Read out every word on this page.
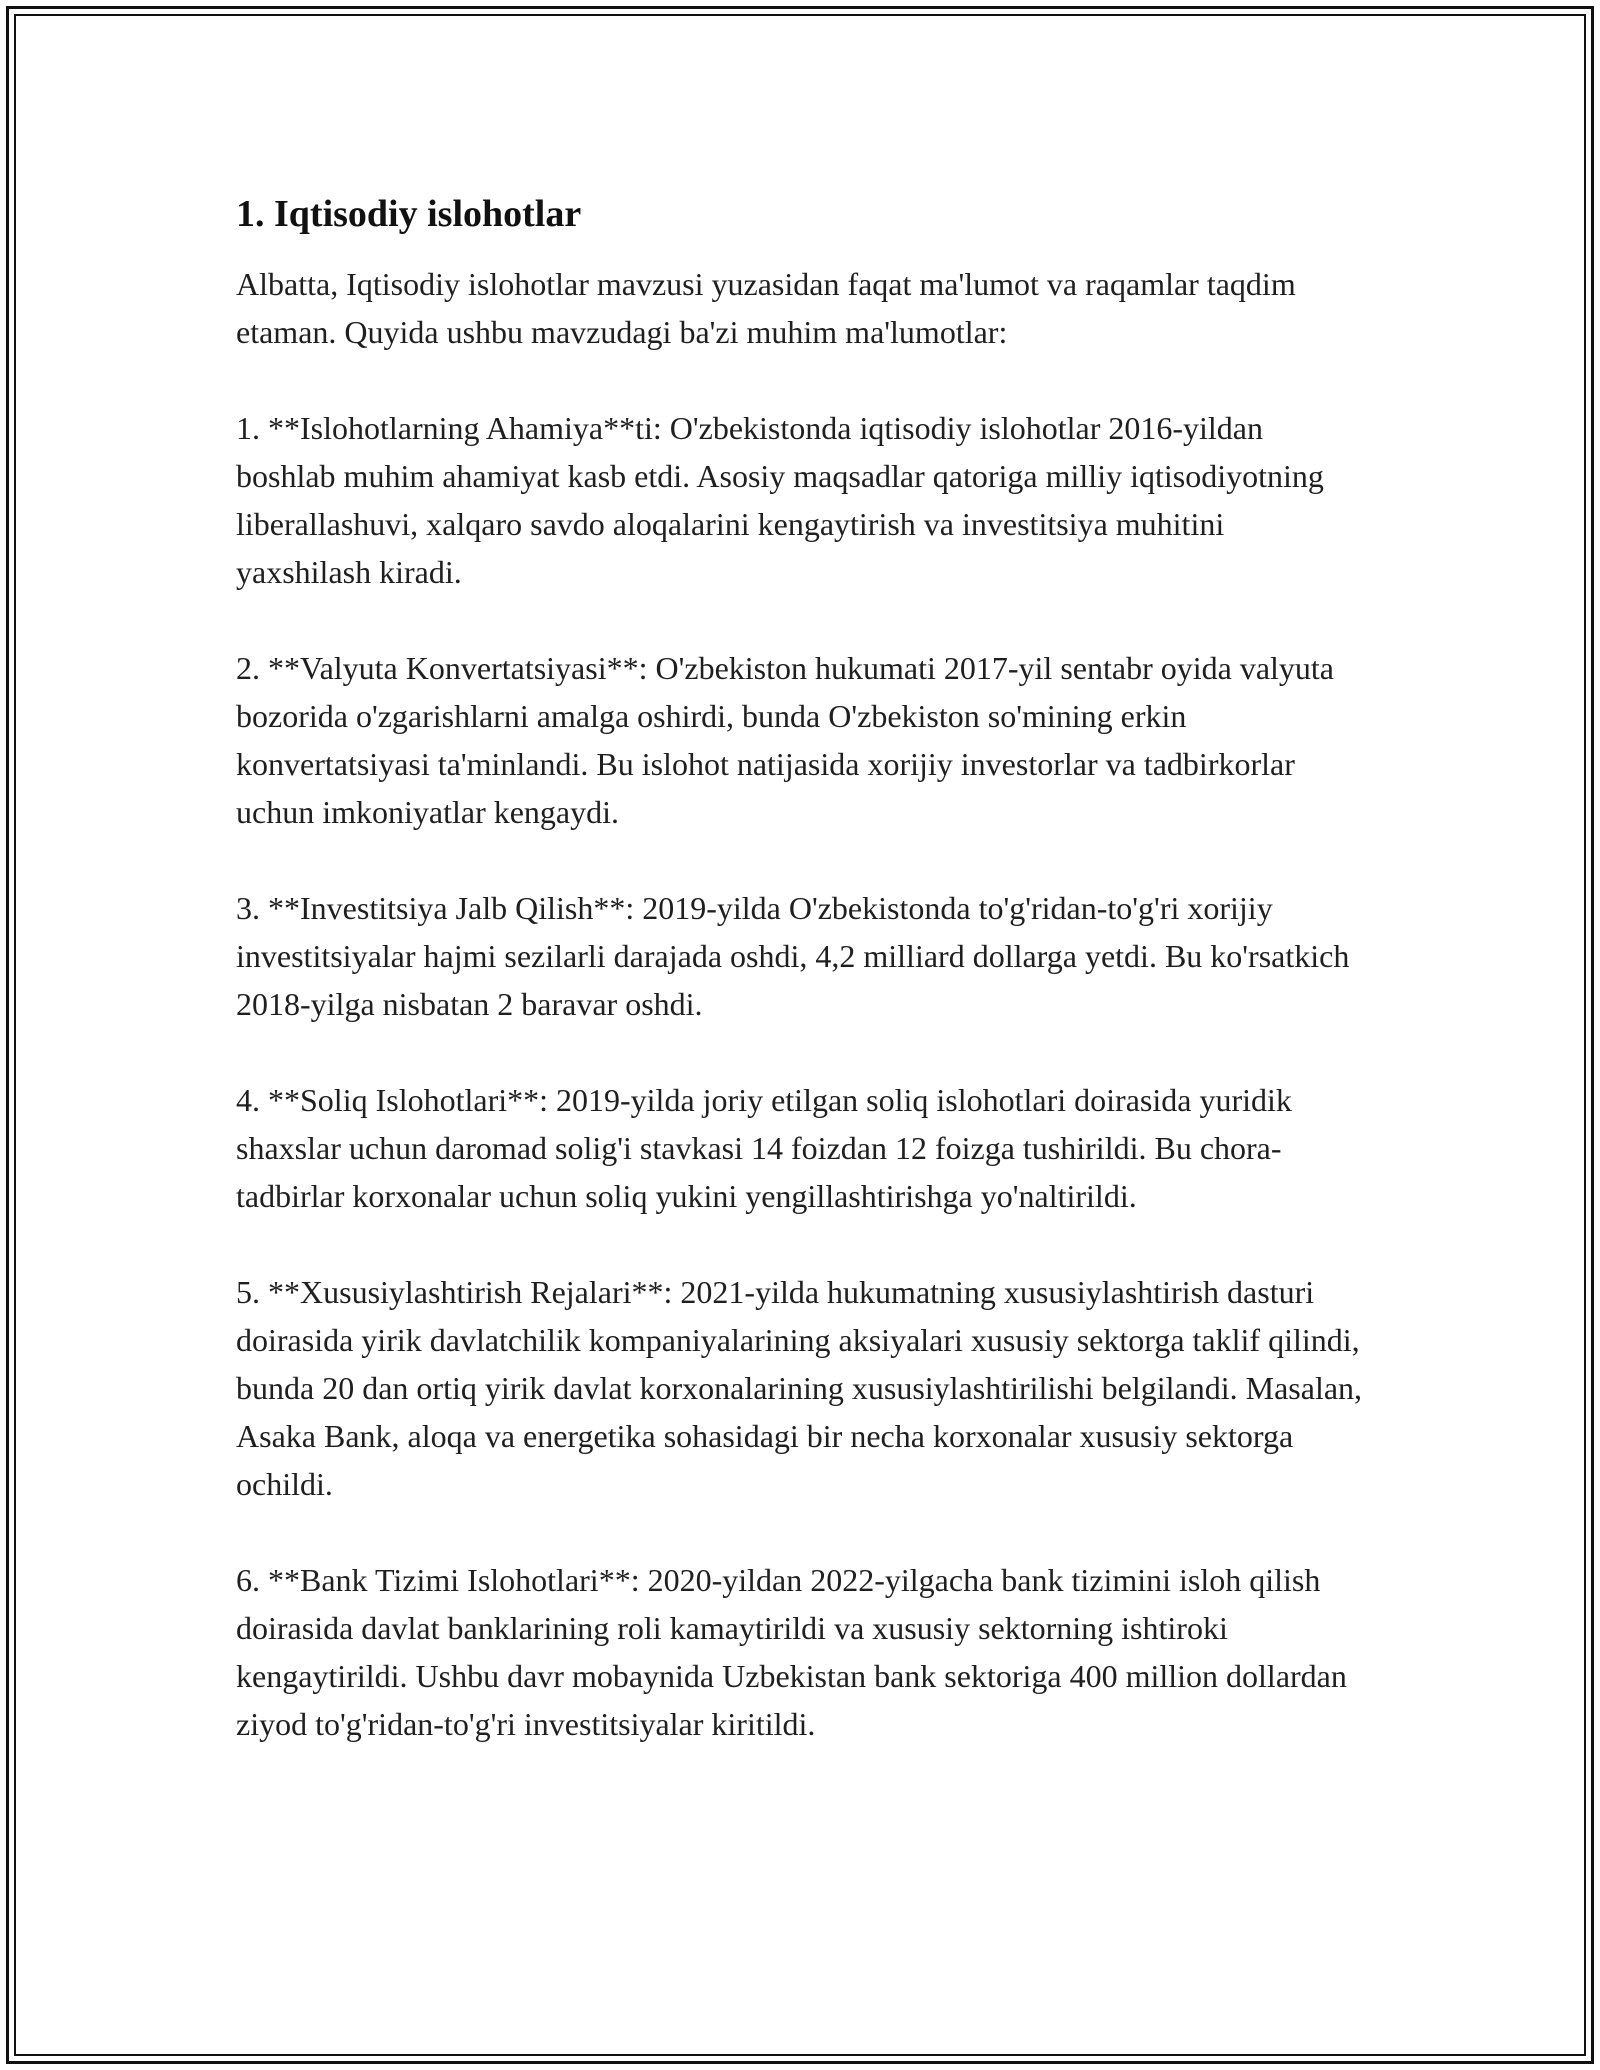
1. Iqtisodiy islohotlar

Albatta, Iqtisodiy islohotlar mavzusi yuzasidan faqat ma'lumot va raqamlar taqdim etaman. Quyida ushbu mavzudagi ba'zi muhim ma'lumotlar:

1. **Islohotlarning Ahamiya**ti: O'zbekistonda iqtisodiy islohotlar 2016-yildan boshlab muhim ahamiyat kasb etdi. Asosiy maqsadlar qatoriga milliy iqtisodiyotning liberallashuvi, xalqaro savdo aloqalarini kengaytirish va investitsiya muhitini yaxshilash kiradi.

2. **Valyuta Konvertatsiyasi**: O'zbekiston hukumati 2017-yil sentabr oyida valyuta bozorida o'zgarishlarni amalga oshirdi, bunda O'zbekiston so'mining erkin konvertatsiyasi ta'minlandi. Bu islohot natijasida xorijiy investorlar va tadbirkorlar uchun imkoniyatlar kengaydi.

3. **Investitsiya Jalb Qilish**: 2019-yilda O'zbekistonda to'g'ridan-to'g'ri xorijiy investitsiyalar hajmi sezilarli darajada oshdi, 4,2 milliard dollarga yetdi. Bu ko'rsatkich 2018-yilga nisbatan 2 baravar oshdi.

4. **Soliq Islohotlari**: 2019-yilda joriy etilgan soliq islohotlari doirasida yuridik shaxslar uchun daromad solig'i stavkasi 14 foizdan 12 foizga tushirildi. Bu chora-tadbirlar korxonalar uchun soliq yukini yengillashtirishga yo'naltirildi.

5. **Xususiylashtirish Rejalari**: 2021-yilda hukumatning xususiylashtirish dasturi doirasida yirik davlatchilik kompaniyalarining aksiyalari xususiy sektorga taklif qilindi, bunda 20 dan ortiq yirik davlat korxonalarining xususiylashtirilishi belgilandi. Masalan, Asaka Bank, aloqa va energetika sohasidagi bir necha korxonalar xususiy sektorga ochildi.

6. **Bank Tizimi Islohotlari**: 2020-yildan 2022-yilgacha bank tizimini isloh qilish doirasida davlat banklarining roli kamaytirildi va xususiy sektorning ishtiroki kengaytirildi. Ushbu davr mobaynida Uzbekistan bank sektoriga 400 million dollardan ziyod to'g'ridan-to'g'ri investitsiyalar kiritildi.
